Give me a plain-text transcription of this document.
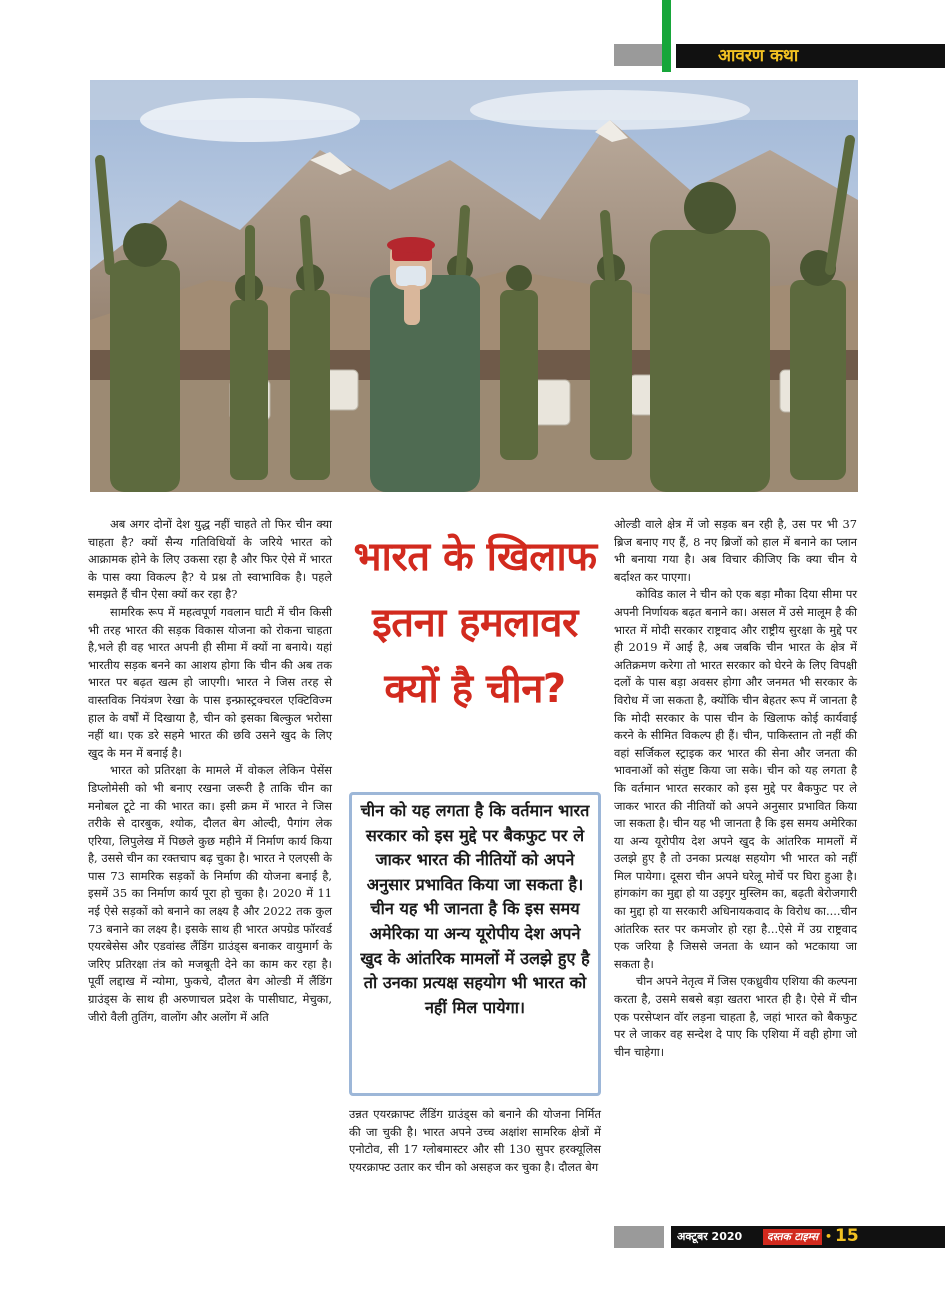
आवरण कथा

अब अगर दोनों देश युद्ध नहीं चाहते तो फिर चीन क्या चाहता है? क्यों सैन्य गतिविधियों के जरिये भारत को आक्रामक होने के लिए उकसा रहा है और फिर ऐसे में भारत के पास क्या विकल्प है? ये प्रश्न तो स्वाभाविक है। पहले समझते हैं चीन ऐसा क्यों कर रहा है?

सामरिक रूप में महत्वपूर्ण गवलान घाटी में चीन किसी भी तरह भारत की सड़क विकास योजना को रोकना चाहता है,भले ही वह भारत अपनी ही सीमा में क्यों ना बनाये। यहां भारतीय सड़क बनने का आशय होगा कि चीन की अब तक भारत पर बढ़त खत्म हो जाएगी। भारत ने जिस तरह से वास्तविक नियंत्रण रेखा के पास इन्फ्रास्ट्रक्चरल एक्टिविज्म हाल के वर्षों में दिखाया है, चीन को इसका बिल्कुल भरोसा नहीं था। एक डरे सहमे भारत की छवि उसने खुद के लिए खुद के मन में बनाई है।

भारत को प्रतिरक्षा के मामले में वोकल लेकिन पेसेंस डिप्लोमेसी को भी बनाए रखना जरूरी है ताकि चीन का मनोबल टूटे ना की भारत का। इसी क्रम में भारत ने जिस तरीके से दारबुक, श्योक, दौलत बेग ओल्दी, पैगांग लेक एरिया, लिपुलेख में पिछले कुछ महीने में निर्माण कार्य किया है, उससे चीन का रक्तचाप बढ़ चुका है। भारत ने एलएसी के पास 73 सामरिक सड़कों के निर्माण की योजना बनाई है, इसमें 35 का निर्माण कार्य पूरा हो चुका है। 2020 में 11 नई ऐसे सड़कों को बनाने का लक्ष्य है और 2022 तक कुल 73 बनाने का लक्ष्य है। इसके साथ ही भारत अपग्रेड फॉरवर्ड एयरबेसेस और एडवांस्ड लैंडिंग ग्राउंड्स बनाकर वायुमार्ग के जरिए प्रतिरक्षा तंत्र को मजबूती देने का काम कर रहा है। पूर्वी लद्दाख में न्योमा, फुकचे, दौलत बेग ओल्डी में लैंडिंग ग्राउंड्स के साथ ही अरुणाचल प्रदेश के पासीघाट, मेचुका, जीरो वैली तुतिंग, वालोंग और अलोंग में अति

भारत के खिलाफ इतना हमलावर क्यों है चीन?
चीन को यह लगता है कि वर्तमान भारत सरकार को इस मुद्दे पर बैकफुट पर ले जाकर भारत की नीतियों को अपने अनुसार प्रभावित किया जा सकता है। चीन यह भी जानता है कि इस समय अमेरिका या अन्य यूरोपीय देश अपने खुद के आंतरिक मामलों में उलझे हुए है तो उनका प्रत्यक्ष सहयोग भी भारत को नहीं मिल पायेगा।

उन्नत एयरक्राफ्ट लैंडिंग ग्राउंड्स को बनाने की योजना निर्मित की जा चुकी है। भारत अपने उच्च अक्षांश सामरिक क्षेत्रों में एनोटोव, सी 17 ग्लोबमास्टर और सी 130 सुपर हरक्यूलिस एयरक्राफ्ट उतार कर चीन को असहज कर चुका है। दौलत बेग

ओल्डी वाले क्षेत्र में जो सड़क बन रही है, उस पर भी 37 ब्रिज बनाए गए हैं, 8 नए ब्रिजों को हाल में बनाने का प्लान भी बनाया गया है। अब विचार कीजिए कि क्या चीन ये बर्दाश्त कर पाएगा।

कोविड काल ने चीन को एक बड़ा मौका दिया सीमा पर अपनी निर्णायक बढ़त बनाने का। असल में उसे मालूम है की भारत में मोदी सरकार राष्ट्रवाद और राष्ट्रीय सुरक्षा के मुद्दे पर ही 2019 में आई है, अब जबकि चीन भारत के क्षेत्र में अतिक्रमण करेगा तो भारत सरकार को घेरने के लिए विपक्षी दलों के पास बड़ा अवसर होगा और जनमत भी सरकार के विरोध में जा सकता है, क्योंकि चीन बेहतर रूप में जानता है कि मोदी सरकार के पास चीन के खिलाफ कोई कार्यवाई करने के सीमित विकल्प ही हैं। चीन, पाकिस्तान तो नहीं की वहां सर्जिकल स्ट्राइक कर भारत की सेना और जनता की भावनाओं को संतुष्ट किया जा सके। चीन को यह लगता है कि वर्तमान भारत सरकार को इस मुद्दे पर बैकफुट पर ले जाकर भारत की नीतियों को अपने अनुसार प्रभावित किया जा सकता है। चीन यह भी जानता है कि इस समय अमेरिका या अन्य यूरोपीय देश अपने खुद के आंतरिक मामलों में उलझे हुए है तो उनका प्रत्यक्ष सहयोग भी भारत को नहीं मिल पायेगा। दूसरा चीन अपने घरेलू मोर्चे पर घिरा हुआ है। हांगकांग का मुद्दा हो या उइगुर मुस्लिम का, बढ़ती बेरोजगारी का मुद्दा हो या सरकारी अधिनायकवाद के विरोध का....चीन आंतरिक स्तर पर कमजोर हो रहा है...ऐसे में उग्र राष्ट्रवाद एक जरिया है जिससे जनता के ध्यान को भटकाया जा सकता है।

चीन अपने नेतृत्व में जिस एकध्रुवीय एशिया की कल्पना करता है, उसमे सबसे बड़ा खतरा भारत ही है। ऐसे में चीन एक परसेप्शन वॉर लड़ना चाहता है, जहां भारत को बैकफुट पर ले जाकर वह सन्देश दे पाए कि एशिया में वही होगा जो चीन चाहेगा।

अक्टूबर 2020	दस्तक टाइम्स • 15
